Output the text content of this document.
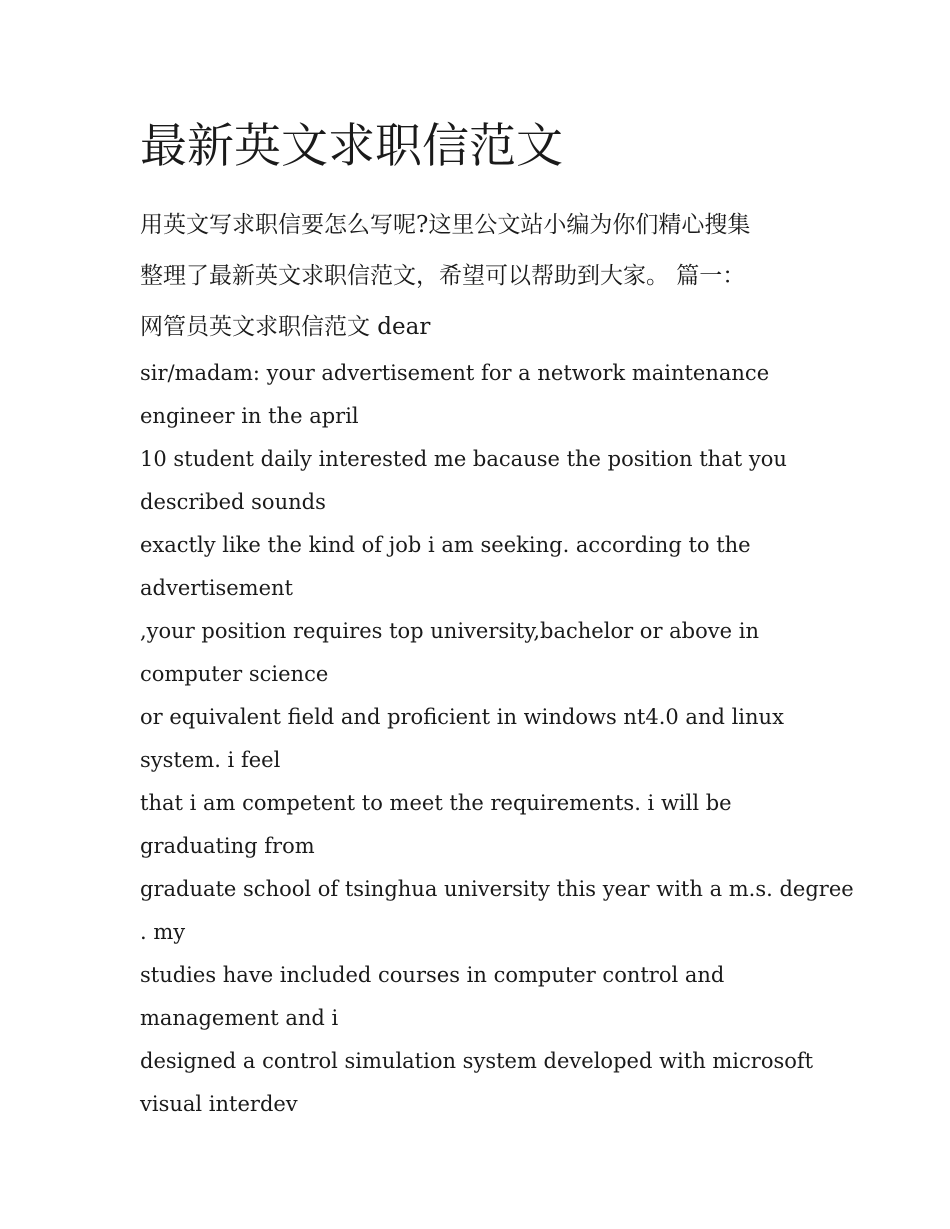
最新英文求职信范文
用英文写求职信要怎么写呢?这里公文站小编为你们精心搜集
整理了最新英文求职信范文，希望可以帮助到大家。 篇一：
网管员英文求职信范文 dear
sir/madam: your advertisement for a network maintenance
engineer in the april
10 student daily interested me bacause the position that you
described sounds
exactly like the kind of job i am seeking. according to the
advertisement
,your position requires top university,bachelor or above in
computer science
or equivalent field and proficient in windows nt4.0 and linux
system. i feel
that i am competent to meet the requirements. i will be
graduating from
graduate school of tsinghua university this year with a m.s. degree
. my
studies have included courses in computer control and
management and i
designed a control simulation system developed with microsoft
visual interdev
